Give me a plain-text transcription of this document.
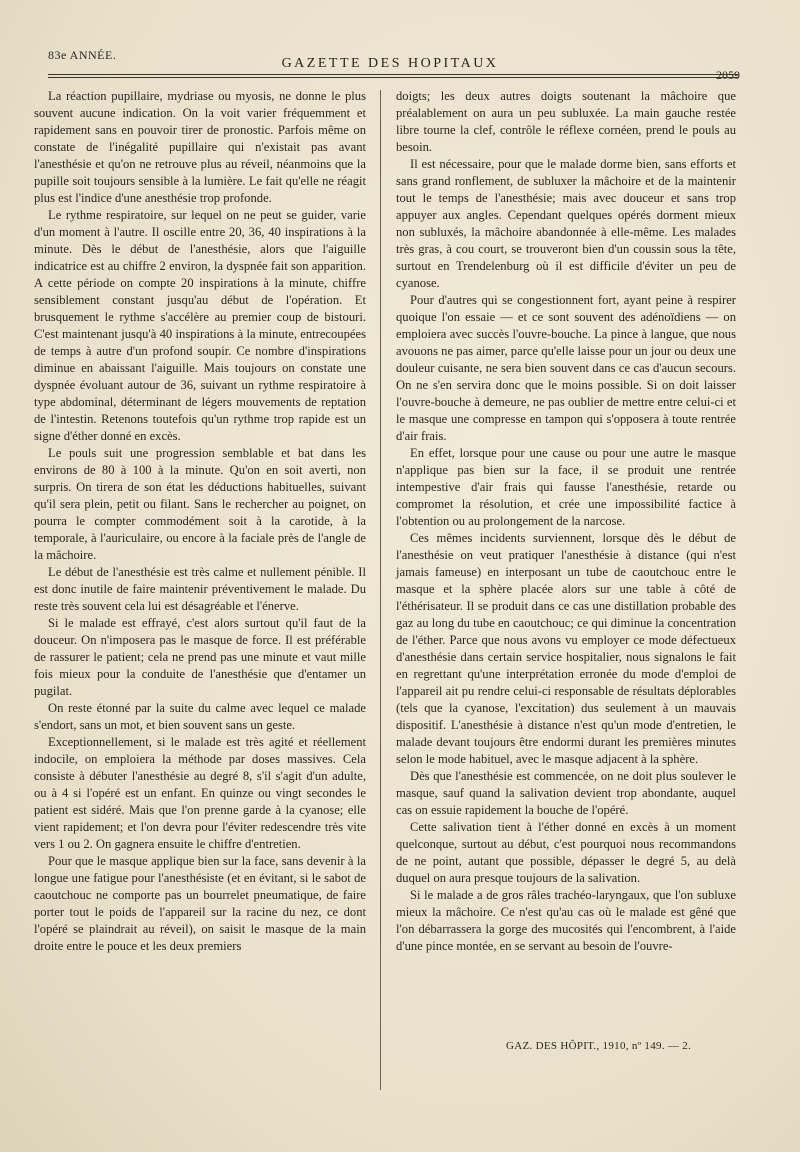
83e ANNÉE.
GAZETTE DES HOPITAUX
2059

La réaction pupillaire, mydriase ou myosis, ne donne le plus souvent aucune indication. On la voit varier fréquemment et rapidement sans en pouvoir tirer de pronostic. Parfois même on constate de l'inégalité pupillaire qui n'existait pas avant l'anesthésie et qu'on ne retrouve plus au réveil, néanmoins que la pupille soit toujours sensible à la lumière. Le fait qu'elle ne réagit plus est l'indice d'une anesthésie trop profonde.

Le rythme respiratoire, sur lequel on ne peut se guider, varie d'un moment à l'autre. Il oscille entre 20, 36, 40 inspirations à la minute. Dès le début de l'anesthésie, alors que l'aiguille indicatrice est au chiffre 2 environ, la dyspnée fait son apparition. A cette période on compte 20 inspirations à la minute, chiffre sensiblement constant jusqu'au début de l'opération. Et brusquement le rythme s'accélère au premier coup de bistouri. C'est maintenant jusqu'à 40 inspirations à la minute, entrecoupées de temps à autre d'un profond soupir. Ce nombre d'inspirations diminue en abaissant l'aiguille. Mais toujours on constate une dyspnée évoluant autour de 36, suivant un rythme respiratoire à type abdominal, déterminant de légers mouvements de reptation de l'intestin. Retenons toutefois qu'un rythme trop rapide est un signe d'éther donné en excès.

Le pouls suit une progression semblable et bat dans les environs de 80 à 100 à la minute. Qu'on en soit averti, non surpris. On tirera de son état les déductions habituelles, suivant qu'il sera plein, petit ou filant. Sans le rechercher au poignet, on pourra le compter commodément soit à la carotide, à la temporale, à l'auriculaire, ou encore à la faciale près de l'angle de la mâchoire.

Le début de l'anesthésie est très calme et nullement pénible. Il est donc inutile de faire maintenir préventivement le malade. Du reste très souvent cela lui est désagréable et l'énerve.

Si le malade est effrayé, c'est alors surtout qu'il faut de la douceur. On n'imposera pas le masque de force. Il est préférable de rassurer le patient; cela ne prend pas une minute et vaut mille fois mieux pour la conduite de l'anesthésie que d'entamer un pugilat.

On reste étonné par la suite du calme avec lequel ce malade s'endort, sans un mot, et bien souvent sans un geste.

Exceptionnellement, si le malade est très agité et réellement indocile, on emploiera la méthode par doses massives. Cela consiste à débuter l'anesthésie au degré 8, s'il s'agit d'un adulte, ou à 4 si l'opéré est un enfant. En quinze ou vingt secondes le patient est sidéré. Mais que l'on prenne garde à la cyanose; elle vient rapidement; et l'on devra pour l'éviter redescendre très vite vers 1 ou 2. On gagnera ensuite le chiffre d'entretien.

Pour que le masque applique bien sur la face, sans devenir à la longue une fatigue pour l'anesthésiste (et en évitant, si le sabot de caoutchouc ne comporte pas un bourrelet pneumatique, de faire porter tout le poids de l'appareil sur la racine du nez, ce dont l'opéré se plaindrait au réveil), on saisit le masque de la main droite entre le pouce et les deux premiers

doigts; les deux autres doigts soutenant la mâchoire que préalablement on aura un peu subluxée. La main gauche restée libre tourne la clef, contrôle le réflexe cornéen, prend le pouls au besoin.

Il est nécessaire, pour que le malade dorme bien, sans efforts et sans grand ronflement, de subluxer la mâchoire et de la maintenir tout le temps de l'anesthésie; mais avec douceur et sans trop appuyer aux angles. Cependant quelques opérés dorment mieux non subluxés, la mâchoire abandonnée à elle-même. Les malades très gras, à cou court, se trouveront bien d'un coussin sous la tête, surtout en Trendelenburg où il est difficile d'éviter un peu de cyanose.

Pour d'autres qui se congestionnent fort, ayant peine à respirer quoique l'on essaie — et ce sont souvent des adénoïdiens — on emploiera avec succès l'ouvre-bouche. La pince à langue, que nous avouons ne pas aimer, parce qu'elle laisse pour un jour ou deux une douleur cuisante, ne sera bien souvent dans ce cas d'aucun secours. On ne s'en servira donc que le moins possible. Si on doit laisser l'ouvre-bouche à demeure, ne pas oublier de mettre entre celui-ci et le masque une compresse en tampon qui s'opposera à toute rentrée d'air frais.

En effet, lorsque pour une cause ou pour une autre le masque n'applique pas bien sur la face, il se produit une rentrée intempestive d'air frais qui fausse l'anesthésie, retarde ou compromet la résolution, et crée une impossibilité factice à l'obtention ou au prolongement de la narcose.

Ces mêmes incidents surviennent, lorsque dès le début de l'anesthésie on veut pratiquer l'anesthésie à distance (qui n'est jamais fameuse) en interposant un tube de caoutchouc entre le masque et la sphère placée alors sur une table à côté de l'éthérisateur. Il se produit dans ce cas une distillation probable des gaz au long du tube en caoutchouc; ce qui diminue la concentration de l'éther. Parce que nous avons vu employer ce mode défectueux d'anesthésie dans certain service hospitalier, nous signalons le fait en regrettant qu'une interprétation erronée du mode d'emploi de l'appareil ait pu rendre celui-ci responsable de résultats déplorables (tels que la cyanose, l'excitation) dus seulement à un mauvais dispositif. L'anesthésie à distance n'est qu'un mode d'entretien, le malade devant toujours être endormi durant les premières minutes selon le mode habituel, avec le masque adjacent à la sphère.

Dès que l'anesthésie est commencée, on ne doit plus soulever le masque, sauf quand la salivation devient trop abondante, auquel cas on essuie rapidement la bouche de l'opéré.

Cette salivation tient à l'éther donné en excès à un moment quelconque, surtout au début, c'est pourquoi nous recommandons de ne point, autant que possible, dépasser le degré 5, au delà duquel on aura presque toujours de la salivation.

Si le malade a de gros râles trachéo-laryngaux, que l'on subluxe mieux la mâchoire. Ce n'est qu'au cas où le malade est gêné que l'on débarrassera la gorge des mucosités qui l'encombrent, à l'aide d'une pince montée, en se servant au besoin de l'ouvre-

GAZ. DES HÔPIT., 1910, nº 149. — 2.
